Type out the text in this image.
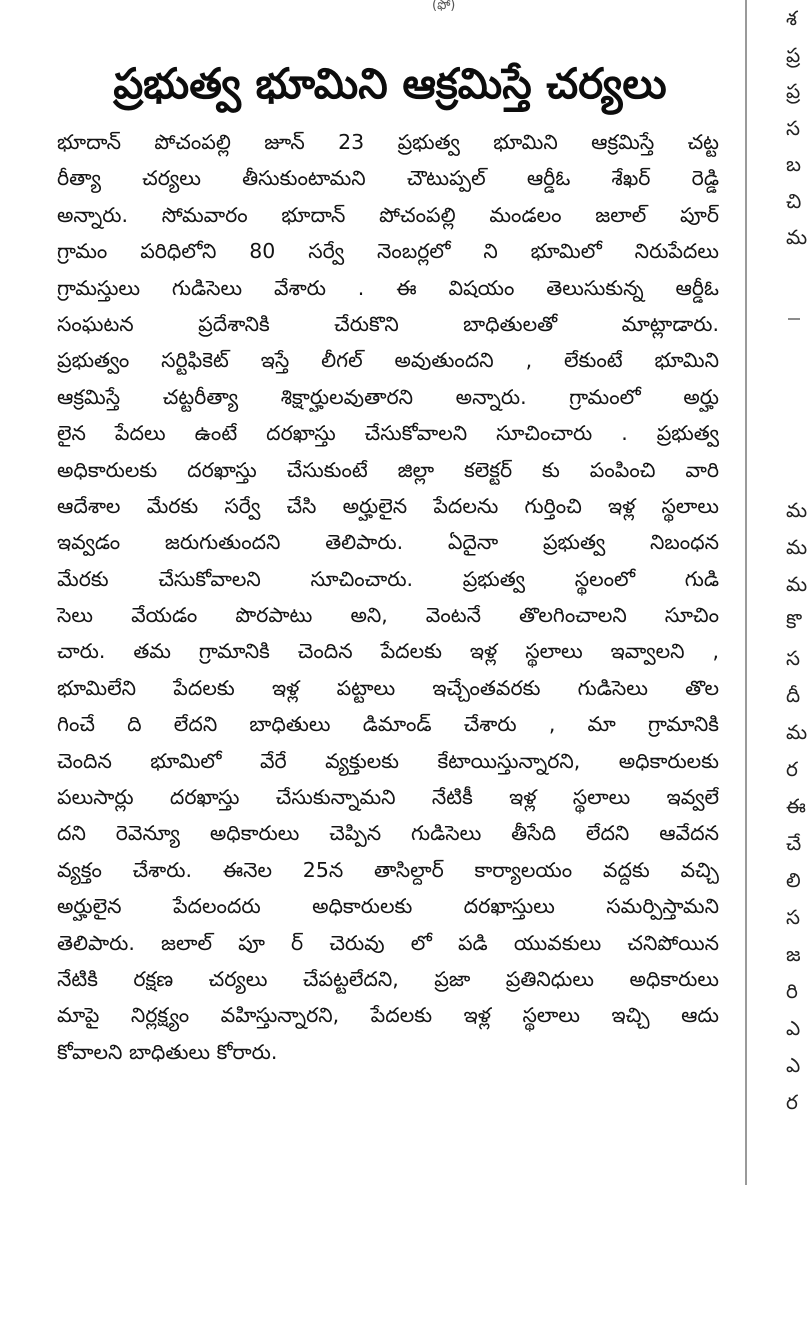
(ఫో)
ప్రభుత్వ భూమిని ఆక్రమిస్తే చర్యలు
భూదాన్ పోచంపల్లి జూన్ 23 ప్రభుత్వ భూమిని ఆక్రమిస్తే చట్ట
రీత్యా చర్యలు తీసుకుంటామని చౌటుప్పల్ ఆర్డీఓ శేఖర్ రెడ్డి
అన్నారు. సోమవారం భూదాన్ పోచంపల్లి మండలం జలాల్ పూర్
గ్రామం పరిధిలోని 80 సర్వే నెంబర్లలో ని భూమిలో నిరుపేదలు
గ్రామస్తులు గుడిసెలు వేశారు . ఈ విషయం తెలుసుకున్న ఆర్డీఓ
సంఘటన ప్రదేశానికి చేరుకొని బాధితులతో మాట్లాడారు.
ప్రభుత్వం సర్టిఫికెట్ ఇస్తే లీగల్ అవుతుందని , లేకుంటే భూమిని
ఆక్రమిస్తే చట్టరీత్యా శిక్షార్హులవుతారని అన్నారు. గ్రామంలో అర్హు
లైన పేదలు ఉంటే దరఖాస్తు చేసుకోవాలని సూచించారు . ప్రభుత్వ
అధికారులకు దరఖాస్తు చేసుకుంటే జిల్లా కలెక్టర్ కు పంపించి వారి
ఆదేశాల మేరకు సర్వే చేసి అర్హులైన పేదలను గుర్తించి ఇళ్ల స్థలాలు
ఇవ్వడం జరుగుతుందని తెలిపారు. ఏదైనా ప్రభుత్వ నిబంధన
మేరకు చేసుకోవాలని సూచించారు. ప్రభుత్వ స్థలంలో గుడి
సెలు వేయడం పొరపాటు అని, వెంటనే తొలగించాలని సూచిం
చారు. తమ గ్రామానికి చెందిన పేదలకు ఇళ్ల స్థలాలు ఇవ్వాలని ,
భూమిలేని పేదలకు ఇళ్ల పట్టాలు ఇచ్చేంతవరకు గుడిసెలు తొల
గించే ది లేదని బాధితులు డిమాండ్ చేశారు , మా గ్రామానికి
చెందిన భూమిలో వేరే వ్యక్తులకు కేటాయిస్తున్నారని, అధికారులకు
పలుసార్లు దరఖాస్తు చేసుకున్నామని నేటికీ ఇళ్ల స్థలాలు ఇవ్వలే
దని రెవెన్యూ అధికారులు చెప్పిన గుడిసెలు తీసేది లేదని ఆవేదన
వ్యక్తం చేశారు. ఈనెల 25న తాసిల్దార్ కార్యాలయం వద్దకు వచ్చి
అర్హులైన పేదలందరు అధికారులకు దరఖాస్తులు సమర్పిస్తామని
తెలిపారు. జలాల్ పూ ర్ చెరువు లో పడి యువకులు చనిపోయిన
నేటికి రక్షణ చర్యలు చేపట్టలేదని, ప్రజా ప్రతినిధులు అధికారులు
మాపై నిర్లక్ష్యం వహిస్తున్నారని, పేదలకు ఇళ్ల స్థలాలు ఇచ్చి ఆదు
కోవాలని బాధితులు కోరారు.
శ
ప్ర
ప్ర
స
బ
చి
మ
మ
మ
మ
కొ
స
దీ
మ
ర
ఈ
చే
లి
స
జ
రి
ఎ
ఎ
ర
